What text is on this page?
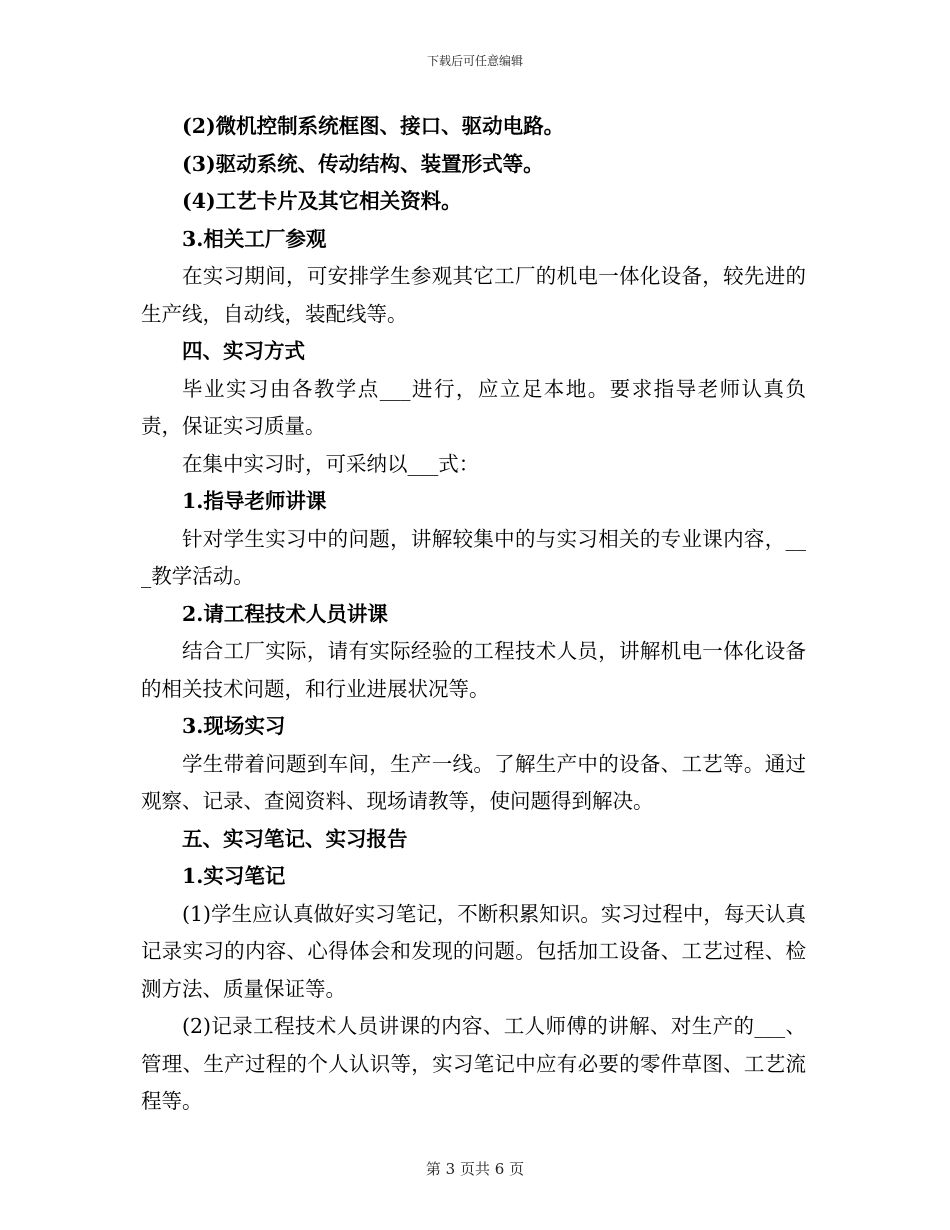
下载后可任意编辑

(2)微机控制系统框图、接口、驱动电路。

(3)驱动系统、传动结构、装置形式等。

(4)工艺卡片及其它相关资料。

3.相关工厂参观

在实习期间，可安排学生参观其它工厂的机电一体化设备，较先进的生产线，自动线，装配线等。

四、实习方式

毕业实习由各教学点___进行，应立足本地。要求指导老师认真负责，保证实习质量。

在集中实习时，可采纳以___式：

1.指导老师讲课

针对学生实习中的问题，讲解较集中的与实习相关的专业课内容，___教学活动。

2.请工程技术人员讲课

结合工厂实际，请有实际经验的工程技术人员，讲解机电一体化设备的相关技术问题，和行业进展状况等。

3.现场实习

学生带着问题到车间，生产一线。了解生产中的设备、工艺等。通过观察、记录、查阅资料、现场请教等，使问题得到解决。

五、实习笔记、实习报告

1.实习笔记

(1)学生应认真做好实习笔记，不断积累知识。实习过程中，每天认真记录实习的内容、心得体会和发现的问题。包括加工设备、工艺过程、检测方法、质量保证等。

(2)记录工程技术人员讲课的内容、工人师傅的讲解、对生产的___、管理、生产过程的个人认识等，实习笔记中应有必要的零件草图、工艺流程等。

第 3 页共 6 页
